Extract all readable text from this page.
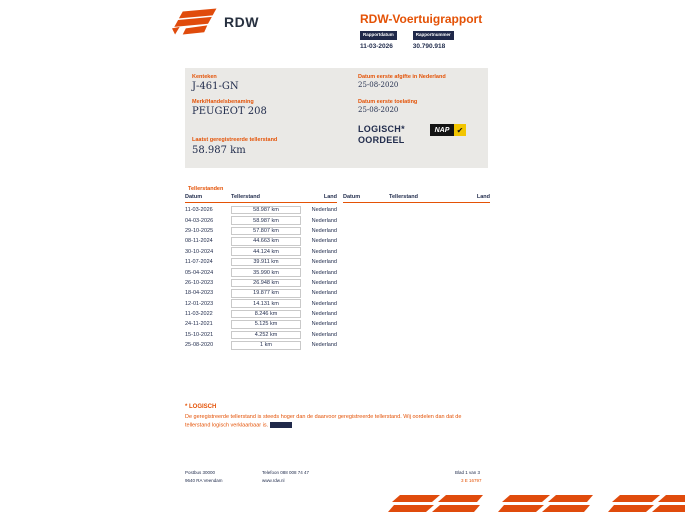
RDW	RDW-Voertuigrapport
Rapportdatum
11-03-2026
Rapportnummer
30.790.918
Kenteken
J-461-GN
Merk/Handelsbenaming
PEUGEOT 208
Laatst geregistreerde tellerstand
58.987 km
Datum eerste afgifte in Nederland
25-08-2020
Datum eerste toelating
25-08-2020
LOGISCH*
OORDEEL
NAP ✔
Tellerstanden
Datum	Tellerstand	Land
11-03-2026	58.987 km	Nederland
04-03-2026	58.987 km	Nederland
29-10-2025	57.807 km	Nederland
08-11-2024	44.663 km	Nederland
30-10-2024	44.124 km	Nederland
11-07-2024	39.911 km	Nederland
05-04-2024	35.990 km	Nederland
26-10-2023	26.948 km	Nederland
18-04-2023	19.877 km	Nederland
12-01-2023	14.131 km	Nederland
11-03-2022	8.246 km	Nederland
24-11-2021	5.125 km	Nederland
15-10-2021	4.252 km	Nederland
25-08-2020	1 km	Nederland
Datum	Tellerstand	Land
* LOGISCH

De geregistreerde tellerstand is steeds hoger dan de daarvoor geregistreerde tellerstand. Wij oordelen dan dat de tellerstand logisch verklaarbaar is.

Postbus 30000
9640 RA Veendam
Telefoon 088 008 74 47
www.rdw.nl
Blad 1 van 3
3 E 16797
